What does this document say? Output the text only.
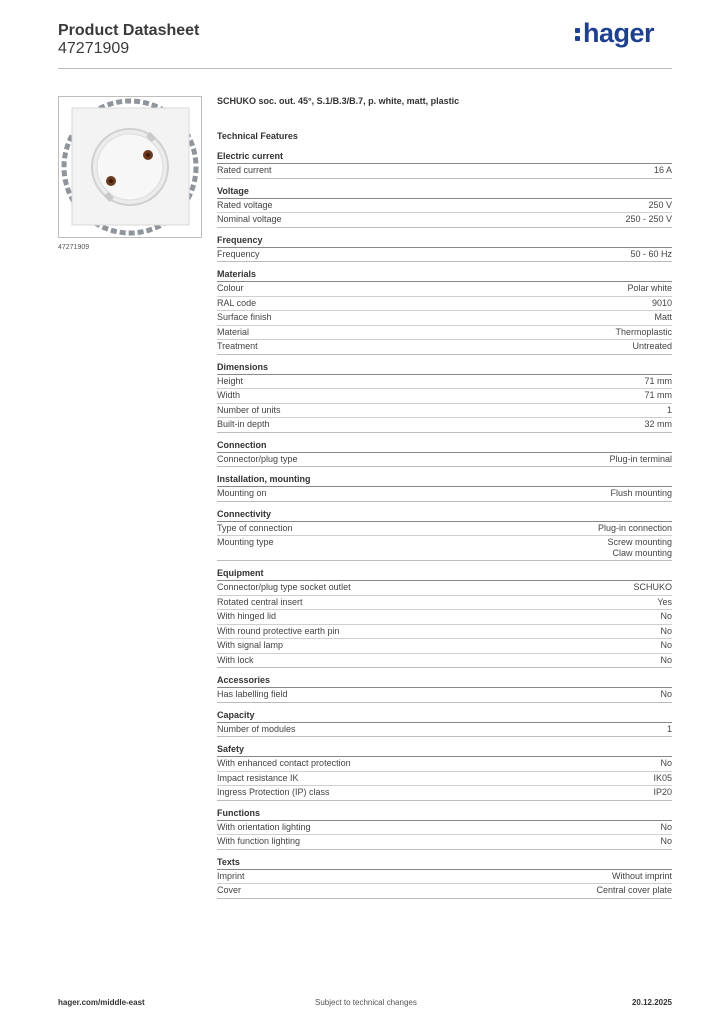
Product Datasheet
47271909
hager
47271909
SCHUKO soc. out. 45°, S.1/B.3/B.7, p. white, matt, plastic
Technical Features
Electric current
Rated current	16 A
Voltage
Rated voltage	250 V
Nominal voltage	250 - 250 V
Frequency
Frequency	50 - 60 Hz
Materials
Colour	Polar white
RAL code	9010
Surface finish	Matt
Material	Thermoplastic
Treatment	Untreated
Dimensions
Height	71 mm
Width	71 mm
Number of units	1
Built-in depth	32 mm
Connection
Connector/plug type	Plug-in terminal
Installation, mounting
Mounting on	Flush mounting
Connectivity
Type of connection	Plug-in connection
Mounting type	Screw mounting
Claw mounting
Equipment
Connector/plug type socket outlet	SCHUKO
Rotated central insert	Yes
With hinged lid	No
With round protective earth pin	No
With signal lamp	No
With lock	No
Accessories
Has labelling field	No
Capacity
Number of modules	1
Safety
With enhanced contact protection	No
Impact resistance IK	IK05
Ingress Protection (IP) class	IP20
Functions
With orientation lighting	No
With function lighting	No
Texts
Imprint	Without imprint
Cover	Central cover plate
hager.com/middle-east	Subject to technical changes	20.12.2025
